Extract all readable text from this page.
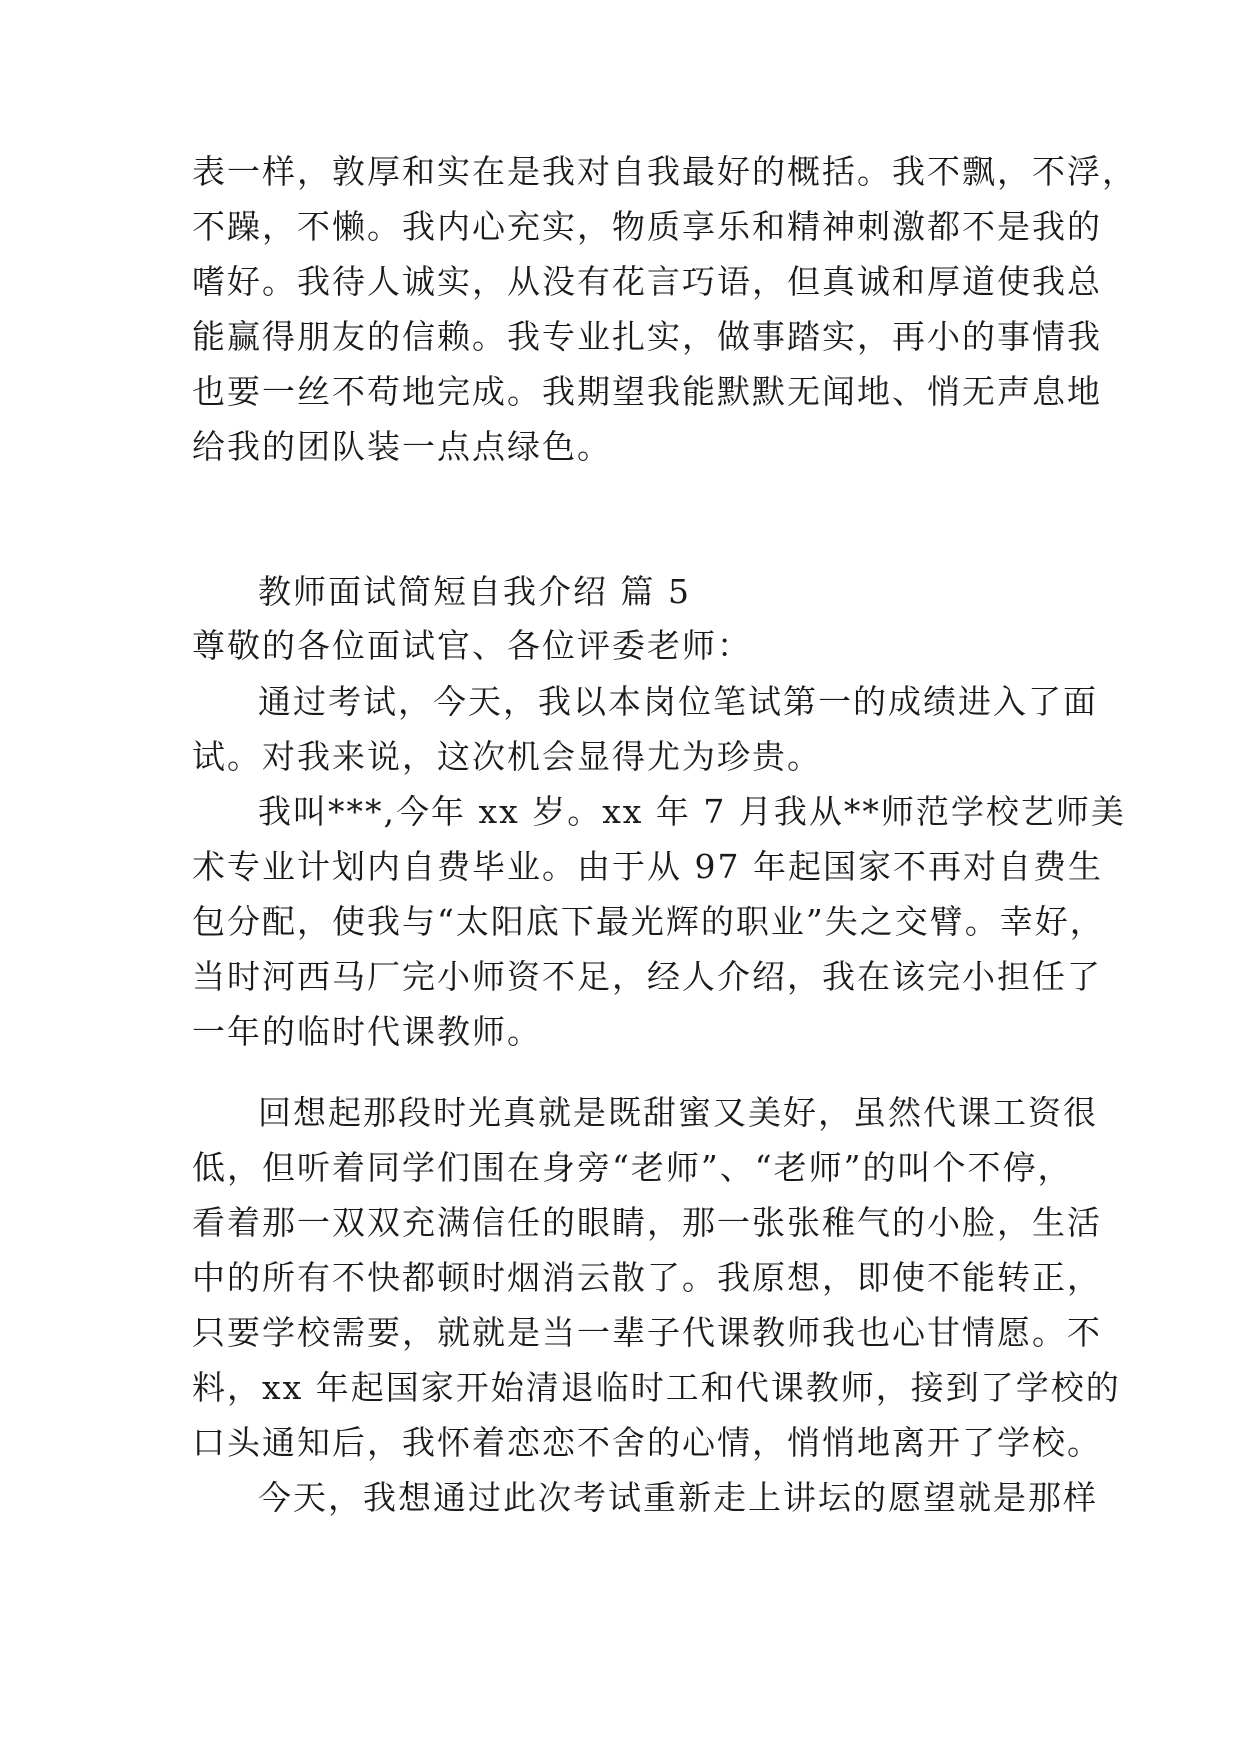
表一样，敦厚和实在是我对自我最好的概括。我不飘，不浮，
不躁，不懒。我内心充实，物质享乐和精神刺激都不是我的
嗜好。我待人诚实，从没有花言巧语，但真诚和厚道使我总
能赢得朋友的信赖。我专业扎实，做事踏实，再小的事情我
也要一丝不苟地完成。我期望我能默默无闻地、悄无声息地
给我的团队装一点点绿色。
教师面试简短自我介绍 篇 5
尊敬的各位面试官、各位评委老师：
通过考试，今天，我以本岗位笔试第一的成绩进入了面
试。对我来说，这次机会显得尤为珍贵。
我叫***,今年 xx 岁。xx 年 7 月我从**师范学校艺师美
术专业计划内自费毕业。由于从 97 年起国家不再对自费生
包分配，使我与“太阳底下最光辉的职业”失之交臂。幸好，
当时河西马厂完小师资不足，经人介绍，我在该完小担任了
一年的临时代课教师。
回想起那段时光真就是既甜蜜又美好，虽然代课工资很
低，但听着同学们围在身旁“老师”、“老师”的叫个不停，
看着那一双双充满信任的眼睛，那一张张稚气的小脸，生活
中的所有不快都顿时烟消云散了。我原想，即使不能转正，
只要学校需要，就就是当一辈子代课教师我也心甘情愿。不
料，xx 年起国家开始清退临时工和代课教师，接到了学校的
口头通知后，我怀着恋恋不舍的心情，悄悄地离开了学校。
今天，我想通过此次考试重新走上讲坛的愿望就是那样
